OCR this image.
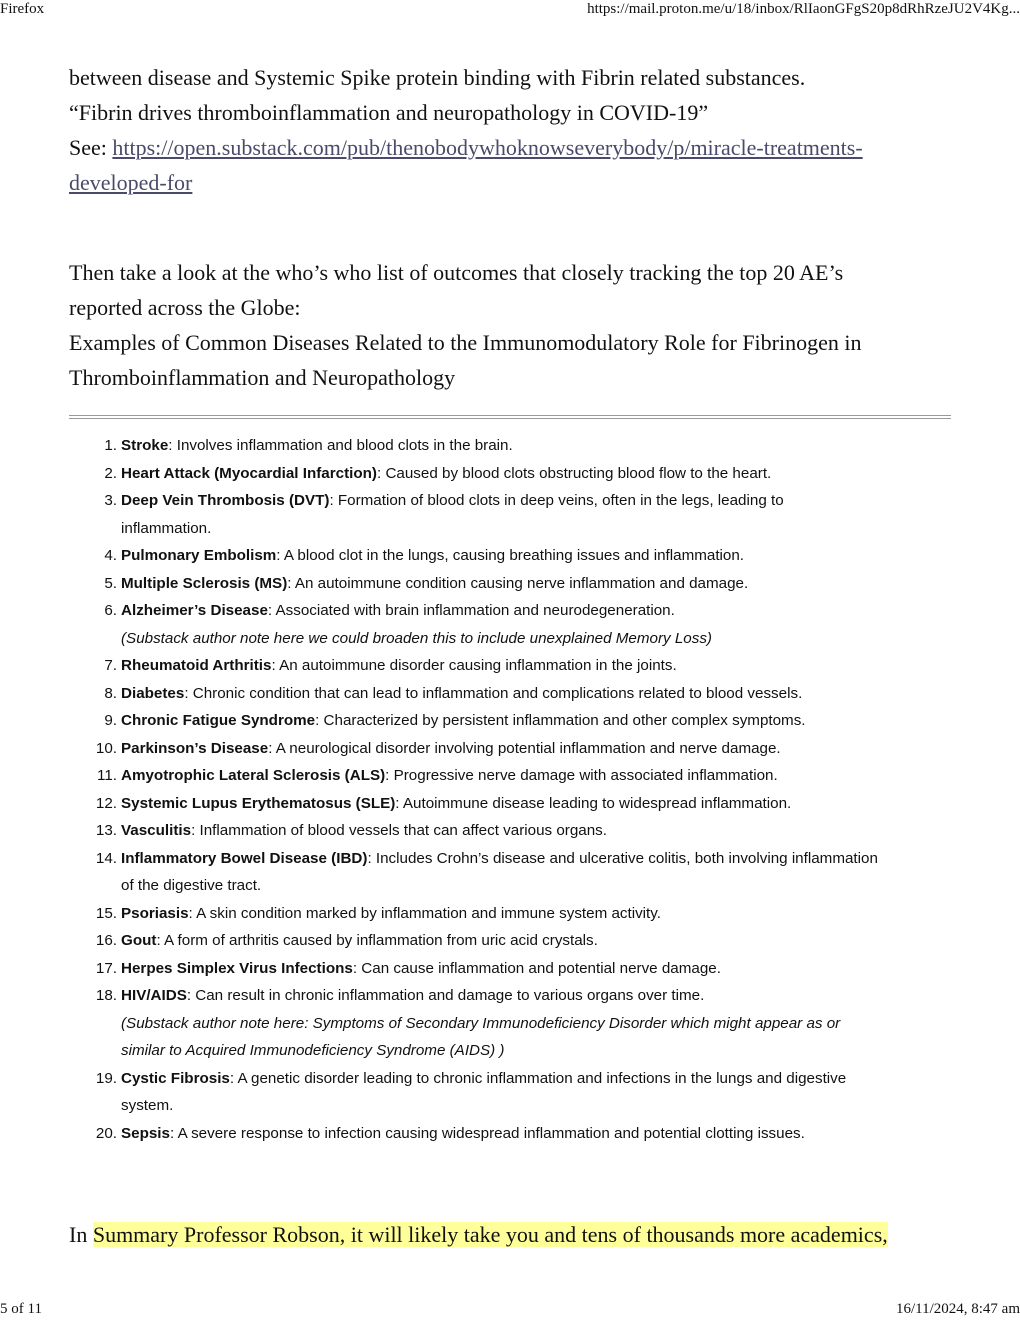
Firefox	https://mail.proton.me/u/18/inbox/RlIaonGFgS20p8dRhRzeJU2V4Kg...
between disease and Systemic Spike protein binding with Fibrin related substances.
“Fibrin drives thromboinflammation and neuropathology in COVID-19”
See: https://open.substack.com/pub/thenobodywhoknowseverybody/p/miracle-treatments-
developed-for
Then take a look at the who’s who list of outcomes that closely tracking the top 20 AE’s
reported across the Globe:
Examples of Common Diseases Related to the Immunomodulatory Role for Fibrinogen in
Thromboinflammation and Neuropathology
1. Stroke: Involves inflammation and blood clots in the brain.
2. Heart Attack (Myocardial Infarction): Caused by blood clots obstructing blood flow to the heart.
3. Deep Vein Thrombosis (DVT): Formation of blood clots in deep veins, often in the legs, leading to
inflammation.
4. Pulmonary Embolism: A blood clot in the lungs, causing breathing issues and inflammation.
5. Multiple Sclerosis (MS): An autoimmune condition causing nerve inflammation and damage.
6. Alzheimer’s Disease: Associated with brain inflammation and neurodegeneration.
(Substack author note here we could broaden this to include unexplained Memory Loss)
7. Rheumatoid Arthritis: An autoimmune disorder causing inflammation in the joints.
8. Diabetes: Chronic condition that can lead to inflammation and complications related to blood vessels.
9. Chronic Fatigue Syndrome: Characterized by persistent inflammation and other complex symptoms.
10. Parkinson’s Disease: A neurological disorder involving potential inflammation and nerve damage.
11. Amyotrophic Lateral Sclerosis (ALS): Progressive nerve damage with associated inflammation.
12. Systemic Lupus Erythematosus (SLE): Autoimmune disease leading to widespread inflammation.
13. Vasculitis: Inflammation of blood vessels that can affect various organs.
14. Inflammatory Bowel Disease (IBD): Includes Crohn’s disease and ulcerative colitis, both involving inflammation
of the digestive tract.
15. Psoriasis: A skin condition marked by inflammation and immune system activity.
16. Gout: A form of arthritis caused by inflammation from uric acid crystals.
17. Herpes Simplex Virus Infections: Can cause inflammation and potential nerve damage.
18. HIV/AIDS: Can result in chronic inflammation and damage to various organs over time.
(Substack author note here: Symptoms of Secondary Immunodeficiency Disorder which might appear as or
similar to Acquired Immunodeficiency Syndrome (AIDS) )
19. Cystic Fibrosis: A genetic disorder leading to chronic inflammation and infections in the lungs and digestive
system.
20. Sepsis: A severe response to infection causing widespread inflammation and potential clotting issues.
In Summary Professor Robson, it will likely take you and tens of thousands more academics,
5 of 11	16/11/2024, 8:47 am
